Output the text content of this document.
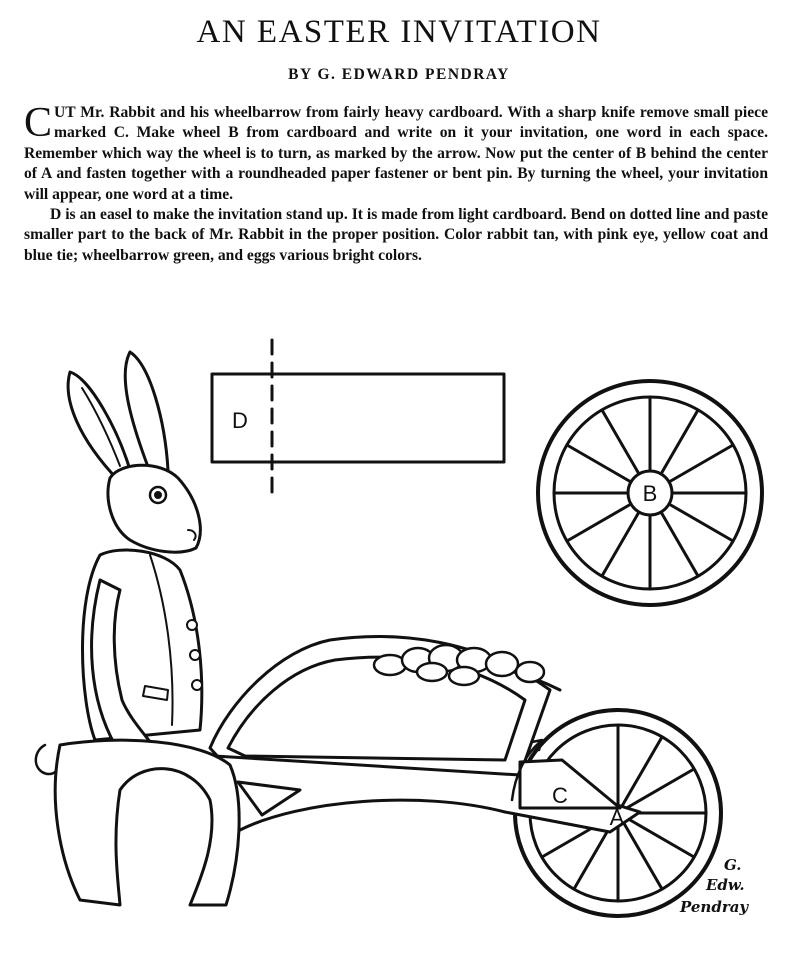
AN EASTER INVITATION
BY G. EDWARD PENDRAY

CUT Mr. Rabbit and his wheelbarrow from fairly heavy cardboard. With a sharp knife remove small piece marked C. Make wheel B from cardboard and write on it your invitation, one word in each space. Remember which way the wheel is to turn, as marked by the arrow. Now put the center of B behind the center of A and fasten together with a roundheaded paper fastener or bent pin. By turning the wheel, your invitation will appear, one word at a time.

D is an easel to make the invitation stand up. It is made from light cardboard. Bend on dotted line and paste smaller part to the back of Mr. Rabbit in the proper position. Color rabbit tan, with pink eye, yellow coat and blue tie; wheelbarrow green, and eggs various bright colors.

D
B
C
A
G.
Edw.
Pendray
